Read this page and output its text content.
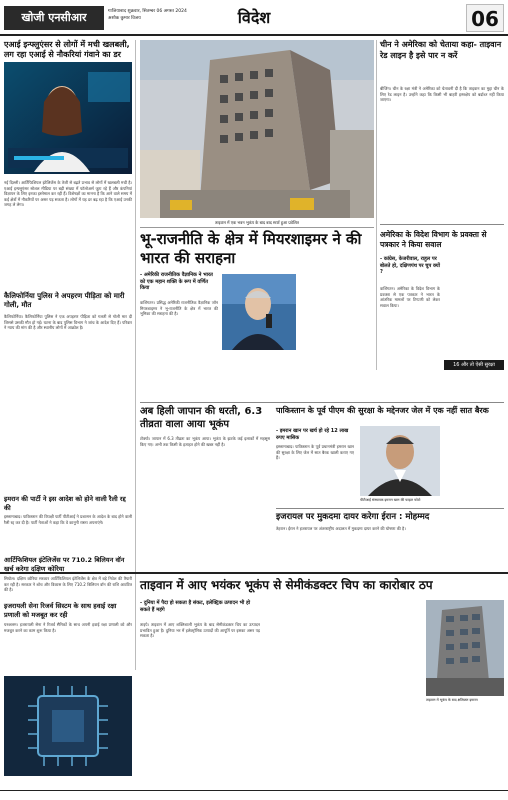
खोजी एनसीआर	गाजियाबाद शुक्रवार, सितम्बर 06 अगस्त 2024
अशोक कुमार विजय	विदेश	06
एआई इन्फ्लुएंसर से लोगों में मची खलबली, लग रहा एआई से नौकरियां गंवाने का डर
नई दिल्ली। आर्टिफिशियल इंटेलिजेंस के तेजी से बढ़ते प्रभाव से लोगों में खलबली मची है। एआई इन्फ्लुएंसर सोशल मीडिया पर बड़ी संख्या में फॉलोअर्स जुटा रहे हैं और कंपनियां विज्ञापन के लिए इनका इस्तेमाल कर रही हैं। विशेषज्ञों का मानना है कि आने वाले समय में कई क्षेत्रों में नौकरियों पर असर पड़ सकता है। लोगों में यह डर बढ़ रहा है कि एआई उनकी जगह ले लेगा।
कैलिफोर्निया पुलिस ने अपहरण पीड़िता को मारी गोली, मौत
कैलिफोर्निया। कैलिफोर्निया पुलिस ने एक अपहरण पीड़िता को गलती से गोली मार दी जिससे उसकी मौत हो गई। घटना के बाद पुलिस विभाग ने जांच के आदेश दिए हैं। परिवार ने न्याय की मांग की है और स्थानीय लोगों में आक्रोश है।
इमरान की पार्टी ने इस आदेश को होने वाली रैली रद्द की
इस्लामाबाद। पाकिस्तान की विपक्षी पार्टी पीटीआई ने प्रशासन के आदेश के बाद होने वाली रैली रद्द कर दी है। पार्टी नेताओं ने कहा कि वे कानूनी रास्ता अपनाएंगे।
आर्टिफिशियल इंटेलिजेंस पर 710.2 बिलियन वॉन खर्च करेगा दक्षिण कोरिया
सियोल। दक्षिण कोरिया सरकार आर्टिफिशियल इंटेलिजेंस के क्षेत्र में बड़े निवेश की तैयारी कर रही है। सरकार ने शोध और विकास के लिए 710.2 बिलियन वॉन की राशि आवंटित की है।
इजरायली सेना रिजर्व सिस्टम के साथ हवाई रक्षा प्रणाली को मजबूत कर रही
यरुशलम। इजरायली सेना ने रिजर्व सैनिकों के साथ अपनी हवाई रक्षा प्रणाली को और मजबूत करने का काम शुरू किया है।
ताइवान में एक भवन भूकंप के बाद बाद स्टार्ट हुआ प्रवेशित
चीन ने अमेरिका को चेताया कहा- ताइवान रेड लाइन है इसे पार न करें
बीजिंग। चीन के रक्षा मंत्री ने अमेरिका को चेतावनी दी है कि ताइवान का मुद्दा चीन के लिए रेड लाइन है। उन्होंने कहा कि किसी भी बाहरी हस्तक्षेप को बर्दाश्त नहीं किया जाएगा।
अमेरिका के विदेश विभाग के प्रवक्ता से पत्रकार ने किया सवाल
- कांग्रेस, केजरीवाल, राहुल पर बोलते हो, दक्षिणपंथ पर चुप क्यों ?
वाशिंगटन। अमेरिका के विदेश विभाग के प्रवक्ता से एक पत्रकार ने भारत के आंतरिक मामलों पर टिप्पणी को लेकर सवाल किया।
भू-राजनीति के क्षेत्र में मियरशाइमर ने की भारत की सराहना
- अमेरिकी राजनीतिक वैज्ञानिक ने भारत को एक महान शक्ति के रूप में वर्णित किया
वाशिंगटन। प्रसिद्ध अमेरिकी राजनीतिक वैज्ञानिक जॉन मियरशाइमर ने भू-राजनीति के क्षेत्र में भारत की भूमिका की सराहना की है।
16 और तो ऐसी सुरक्षा
अब हिली जापान की धरती, 6.3 तीव्रता वाला आया भूकंप
टोक्यो। जापान में 6.3 तीव्रता का भूकंप आया। भूकंप के झटके कई इलाकों में महसूस किए गए। अभी तक किसी के हताहत होने की खबर नहीं है।
पाकिस्तान के पूर्व पीएम की सुरक्षा के मद्देनजर जेल में एक नहीं सात बैरक
- इमरान खान पर खर्च हो रहे 12 लाख रुपए मासिक
इस्लामाबाद। पाकिस्तान के पूर्व प्रधानमंत्री इमरान खान की सुरक्षा के लिए जेल में सात बैरक खाली कराए गए हैं।
पीटीआई संस्थापक इमरान खान की फाइल फोटो
इजरायल पर मुकदमा दायर करेगा ईरान : मोहम्मद
तेहरान। ईरान ने इजरायल पर अंतरराष्ट्रीय अदालत में मुकदमा दायर करने की घोषणा की है।
ताइवान में आए भयंकर भूकंप से सेमीकंडक्टर चिप का कारोबार ठप
- दुनिया में पैदा हो सकता है संकट, इलेक्ट्रिक उत्पादन भी हो सकते हैं महंगे
ताइपे। ताइवान में आए शक्तिशाली भूकंप के बाद सेमीकंडक्टर चिप का उत्पादन प्रभावित हुआ है। दुनिया भर में इलेक्ट्रॉनिक उत्पादों की आपूर्ति पर इसका असर पड़ सकता है।
ताइवान में भूकंप के बाद क्षतिग्रस्त इमारत
